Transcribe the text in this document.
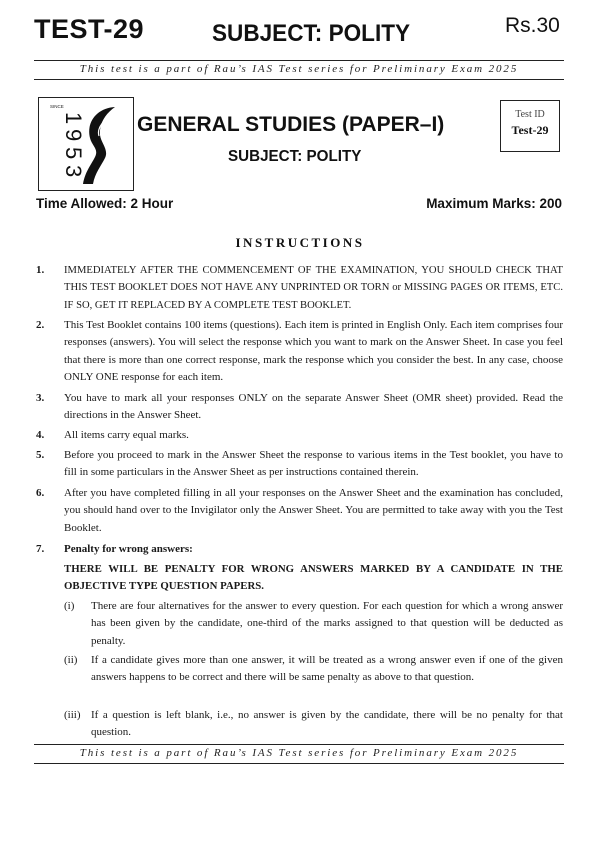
TEST-29	SUBJECT: POLITY	Rs.30
This test is a part of Rau’s IAS Test series for Preliminary Exam 2025
SINCE
1
9
5
3
GENERAL STUDIES (PAPER–I)
SUBJECT: POLITY
Test ID
Test-29
Time Allowed: 2 Hour	Maximum Marks: 200
INSTRUCTIONS
1. IMMEDIATELY AFTER THE COMMENCEMENT OF THE EXAMINATION, YOU SHOULD CHECK THAT THIS TEST BOOKLET DOES NOT HAVE ANY UNPRINTED OR TORN or MISSING PAGES OR ITEMS, ETC. IF SO, GET IT REPLACED BY A COMPLETE TEST BOOKLET.
2. This Test Booklet contains 100 items (questions). Each item is printed in English Only. Each item comprises four responses (answers). You will select the response which you want to mark on the Answer Sheet. In case you feel that there is more than one correct response, mark the response which you consider the best. In any case, choose ONLY ONE response for each item.
3. You have to mark all your responses ONLY on the separate Answer Sheet (OMR sheet) provided. Read the directions in the Answer Sheet.
4. All items carry equal marks.
5. Before you proceed to mark in the Answer Sheet the response to various items in the Test booklet, you have to fill in some particulars in the Answer Sheet as per instructions contained therein.
6. After you have completed filling in all your responses on the Answer Sheet and the examination has concluded, you should hand over to the Invigilator only the Answer Sheet. You are permitted to take away with you the Test Booklet.
7. Penalty for wrong answers:
THERE WILL BE PENALTY FOR WRONG ANSWERS MARKED BY A CANDIDATE IN THE OBJECTIVE TYPE QUESTION PAPERS.
(i) There are four alternatives for the answer to every question. For each question for which a wrong answer has been given by the candidate, one-third of the marks assigned to that question will be deducted as penalty.
(ii) If a candidate gives more than one answer, it will be treated as a wrong answer even if one of the given answers happens to be correct and there will be same penalty as above to that question.
(iii) If a question is left blank, i.e., no answer is given by the candidate, there will be no penalty for that question.
This test is a part of Rau’s IAS Test series for Preliminary Exam 2025
